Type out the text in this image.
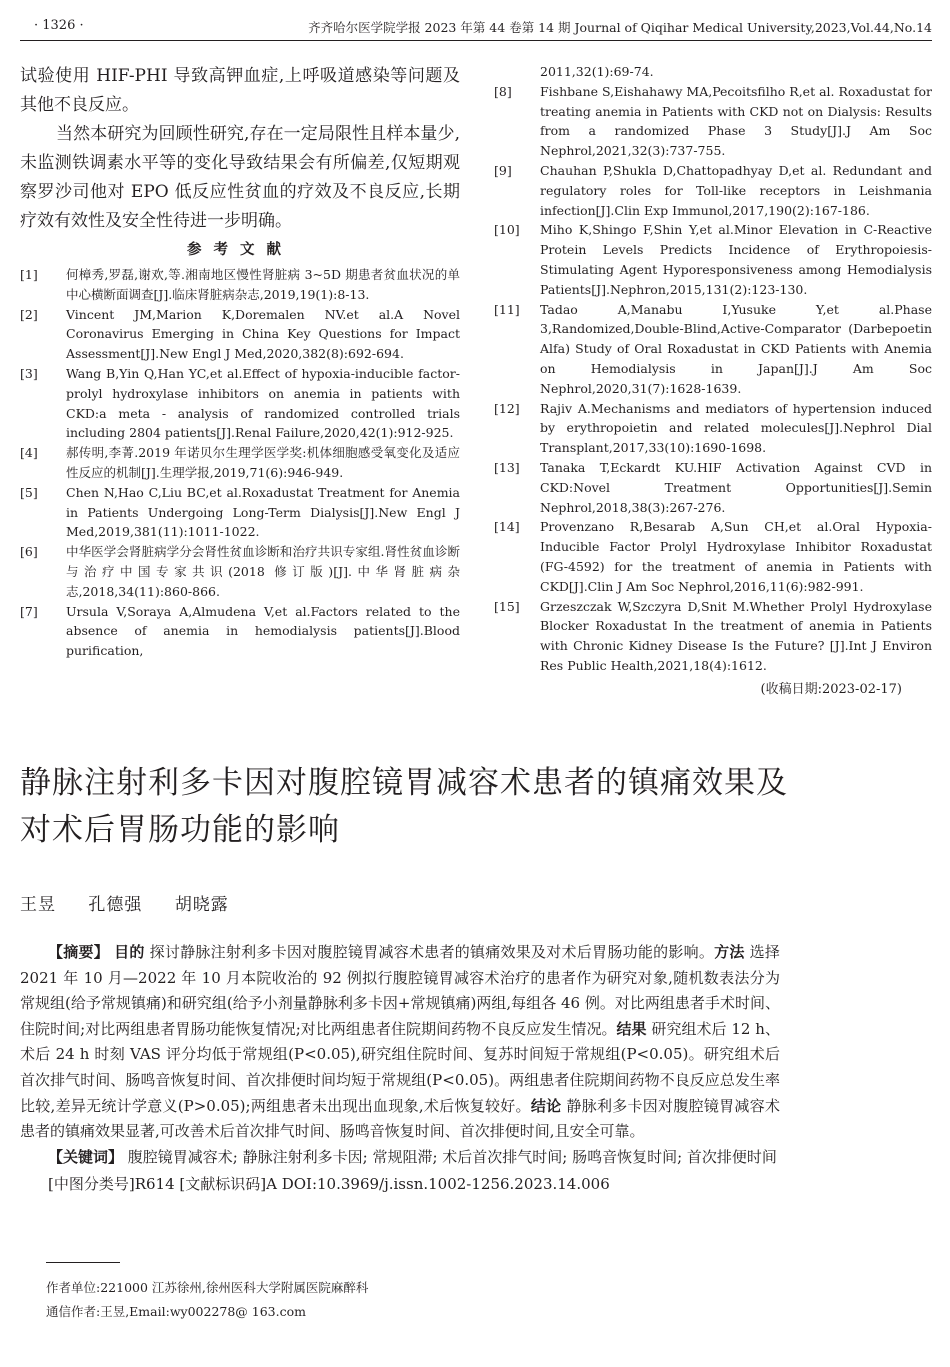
· 1326 ·	齐齐哈尔医学院学报 2023 年第 44 卷第 14 期 Journal of Qiqihar Medical University,2023,Vol.44,No.14

试验使用 HIF-PHI 导致高钾血症,上呼吸道感染等问题及其他不良反应。

当然本研究为回顾性研究,存在一定局限性且样本量少,未监测铁调素水平等的变化导致结果会有所偏差,仅短期观察罗沙司他对 EPO 低反应性贫血的疗效及不良反应,长期疗效有效性及安全性待进一步明确。

参考文献
[1]	何樟秀,罗磊,谢欢,等.湘南地区慢性肾脏病 3~5D 期患者贫血状况的单中心横断面调查[J].临床肾脏病杂志,2019,19(1):8-13.
[2]	Vincent JM,Marion K,Doremalen NV.et al.A Novel Coronavirus Emerging in China Key Questions for Impact Assessment[J].New Engl J Med,2020,382(8):692-694.
[3]	Wang B,Yin Q,Han YC,et al.Effect of hypoxia-inducible factor-prolyl hydroxylase inhibitors on anemia in patients with CKD:a meta - analysis of randomized controlled trials including 2804 patients[J].Renal Failure,2020,42(1):912-925.
[4]	郝传明,李菁.2019 年诺贝尔生理学医学奖:机体细胞感受氧变化及适应性反应的机制[J].生理学报,2019,71(6):946-949.
[5]	Chen N,Hao C,Liu BC,et al.Roxadustat Treatment for Anemia in Patients Undergoing Long-Term Dialysis[J].New Engl J Med,2019,381(11):1011-1022.
[6]	中华医学会肾脏病学分会肾性贫血诊断和治疗共识专家组.肾性贫血诊断与治疗中国专家共识(2018 修订版)[J].中华肾脏病杂志,2018,34(11):860-866.
[7]	Ursula V,Soraya A,Almudena V,et al.Factors related to the absence of anemia in hemodialysis patients[J].Blood purification,

2011,32(1):69-74.

[8]	Fishbane S,Eishahawy MA,Pecoitsfilho R,et al. Roxadustat for treating anemia in Patients with CKD not on Dialysis: Results from a randomized Phase 3 Study[J].J Am Soc Nephrol,2021,32(3):737-755.
[9]	Chauhan P,Shukla D,Chattopadhyay D,et al. Redundant and regulatory roles for Toll-like receptors in Leishmania infection[J].Clin Exp Immunol,2017,190(2):167-186.
[10]	Miho K,Shingo F,Shin Y,et al.Minor Elevation in C-Reactive Protein Levels Predicts Incidence of Erythropoiesis-Stimulating Agent Hyporesponsiveness among Hemodialysis Patients[J].Nephron,2015,131(2):123-130.
[11]	Tadao A,Manabu I,Yusuke Y,et al.Phase 3,Randomized,Double-Blind,Active-Comparator (Darbepoetin Alfa) Study of Oral Roxadustat in CKD Patients with Anemia on Hemodialysis in Japan[J].J Am Soc Nephrol,2020,31(7):1628-1639.
[12]	Rajiv A.Mechanisms and mediators of hypertension induced by erythropoietin and related molecules[J].Nephrol Dial Transplant,2017,33(10):1690-1698.
[13]	Tanaka T,Eckardt KU.HIF Activation Against CVD in CKD:Novel Treatment Opportunities[J].Semin Nephrol,2018,38(3):267-276.
[14]	Provenzano R,Besarab A,Sun CH,et al.Oral Hypoxia-Inducible Factor Prolyl Hydroxylase Inhibitor Roxadustat (FG-4592) for the treatment of anemia in Patients with CKD[J].Clin J Am Soc Nephrol,2016,11(6):982-991.
[15]	Grzeszczak W,Szczyra D,Snit M.Whether Prolyl Hydroxylase Blocker Roxadustat In the treatment of anemia in Patients with Chronic Kidney Disease Is the Future? [J].Int J Environ Res Public Health,2021,18(4):1612.
(收稿日期:2023-02-17)
静脉注射利多卡因对腹腔镜胃减容术患者的镇痛效果及
对术后胃肠功能的影响
王昱 孔德强 胡晓露

【摘要】 目的 探讨静脉注射利多卡因对腹腔镜胃减容术患者的镇痛效果及对术后胃肠功能的影响。方法 选择 2021 年 10 月—2022 年 10 月本院收治的 92 例拟行腹腔镜胃减容术治疗的患者作为研究对象,随机数表法分为常规组(给予常规镇痛)和研究组(给予小剂量静脉利多卡因+常规镇痛)两组,每组各 46 例。对比两组患者手术时间、住院时间;对比两组患者胃肠功能恢复情况;对比两组患者住院期间药物不良反应发生情况。结果 研究组术后 12 h、术后 24 h 时刻 VAS 评分均低于常规组(P<0.05),研究组住院时间、复苏时间短于常规组(P<0.05)。研究组术后首次排气时间、肠鸣音恢复时间、首次排便时间均短于常规组(P<0.05)。两组患者住院期间药物不良反应总发生率比较,差异无统计学意义(P>0.05);两组患者未出现出血现象,术后恢复较好。结论 静脉利多卡因对腹腔镜胃减容术患者的镇痛效果显著,可改善术后首次排气时间、肠鸣音恢复时间、首次排便时间,且安全可靠。

【关键词】 腹腔镜胃减容术; 静脉注射利多卡因; 常规阻滞; 术后首次排气时间; 肠鸣音恢复时间; 首次排便时间

[中图分类号]R614 [文献标识码]A DOI:10.3969/j.issn.1002-1256.2023.14.006

作者单位:221000 江苏徐州,徐州医科大学附属医院麻醉科

通信作者:王昱,Email:wy002278@ 163.com
